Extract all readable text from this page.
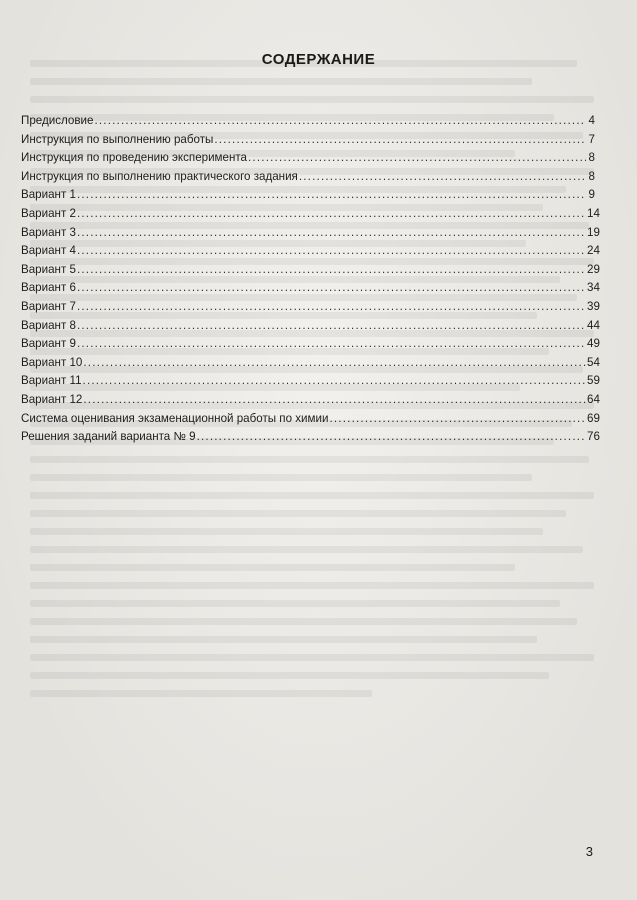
СОДЕРЖАНИЕ
Предисловие .....	4
Инструкция по выполнению работы .....	7
Инструкция по проведению эксперимента .....	8
Инструкция по выполнению практического задания .....	8
Вариант 1 .....	9
Вариант 2 .....	14
Вариант 3 .....	19
Вариант 4 .....	24
Вариант 5 .....	29
Вариант 6 .....	34
Вариант 7 .....	39
Вариант 8 .....	44
Вариант 9 .....	49
Вариант 10 .....	54
Вариант 11 .....	59
Вариант 12 .....	64
Система оценивания экзаменационной работы по химии .....	69
Решения заданий варианта № 9 .....	76
3
